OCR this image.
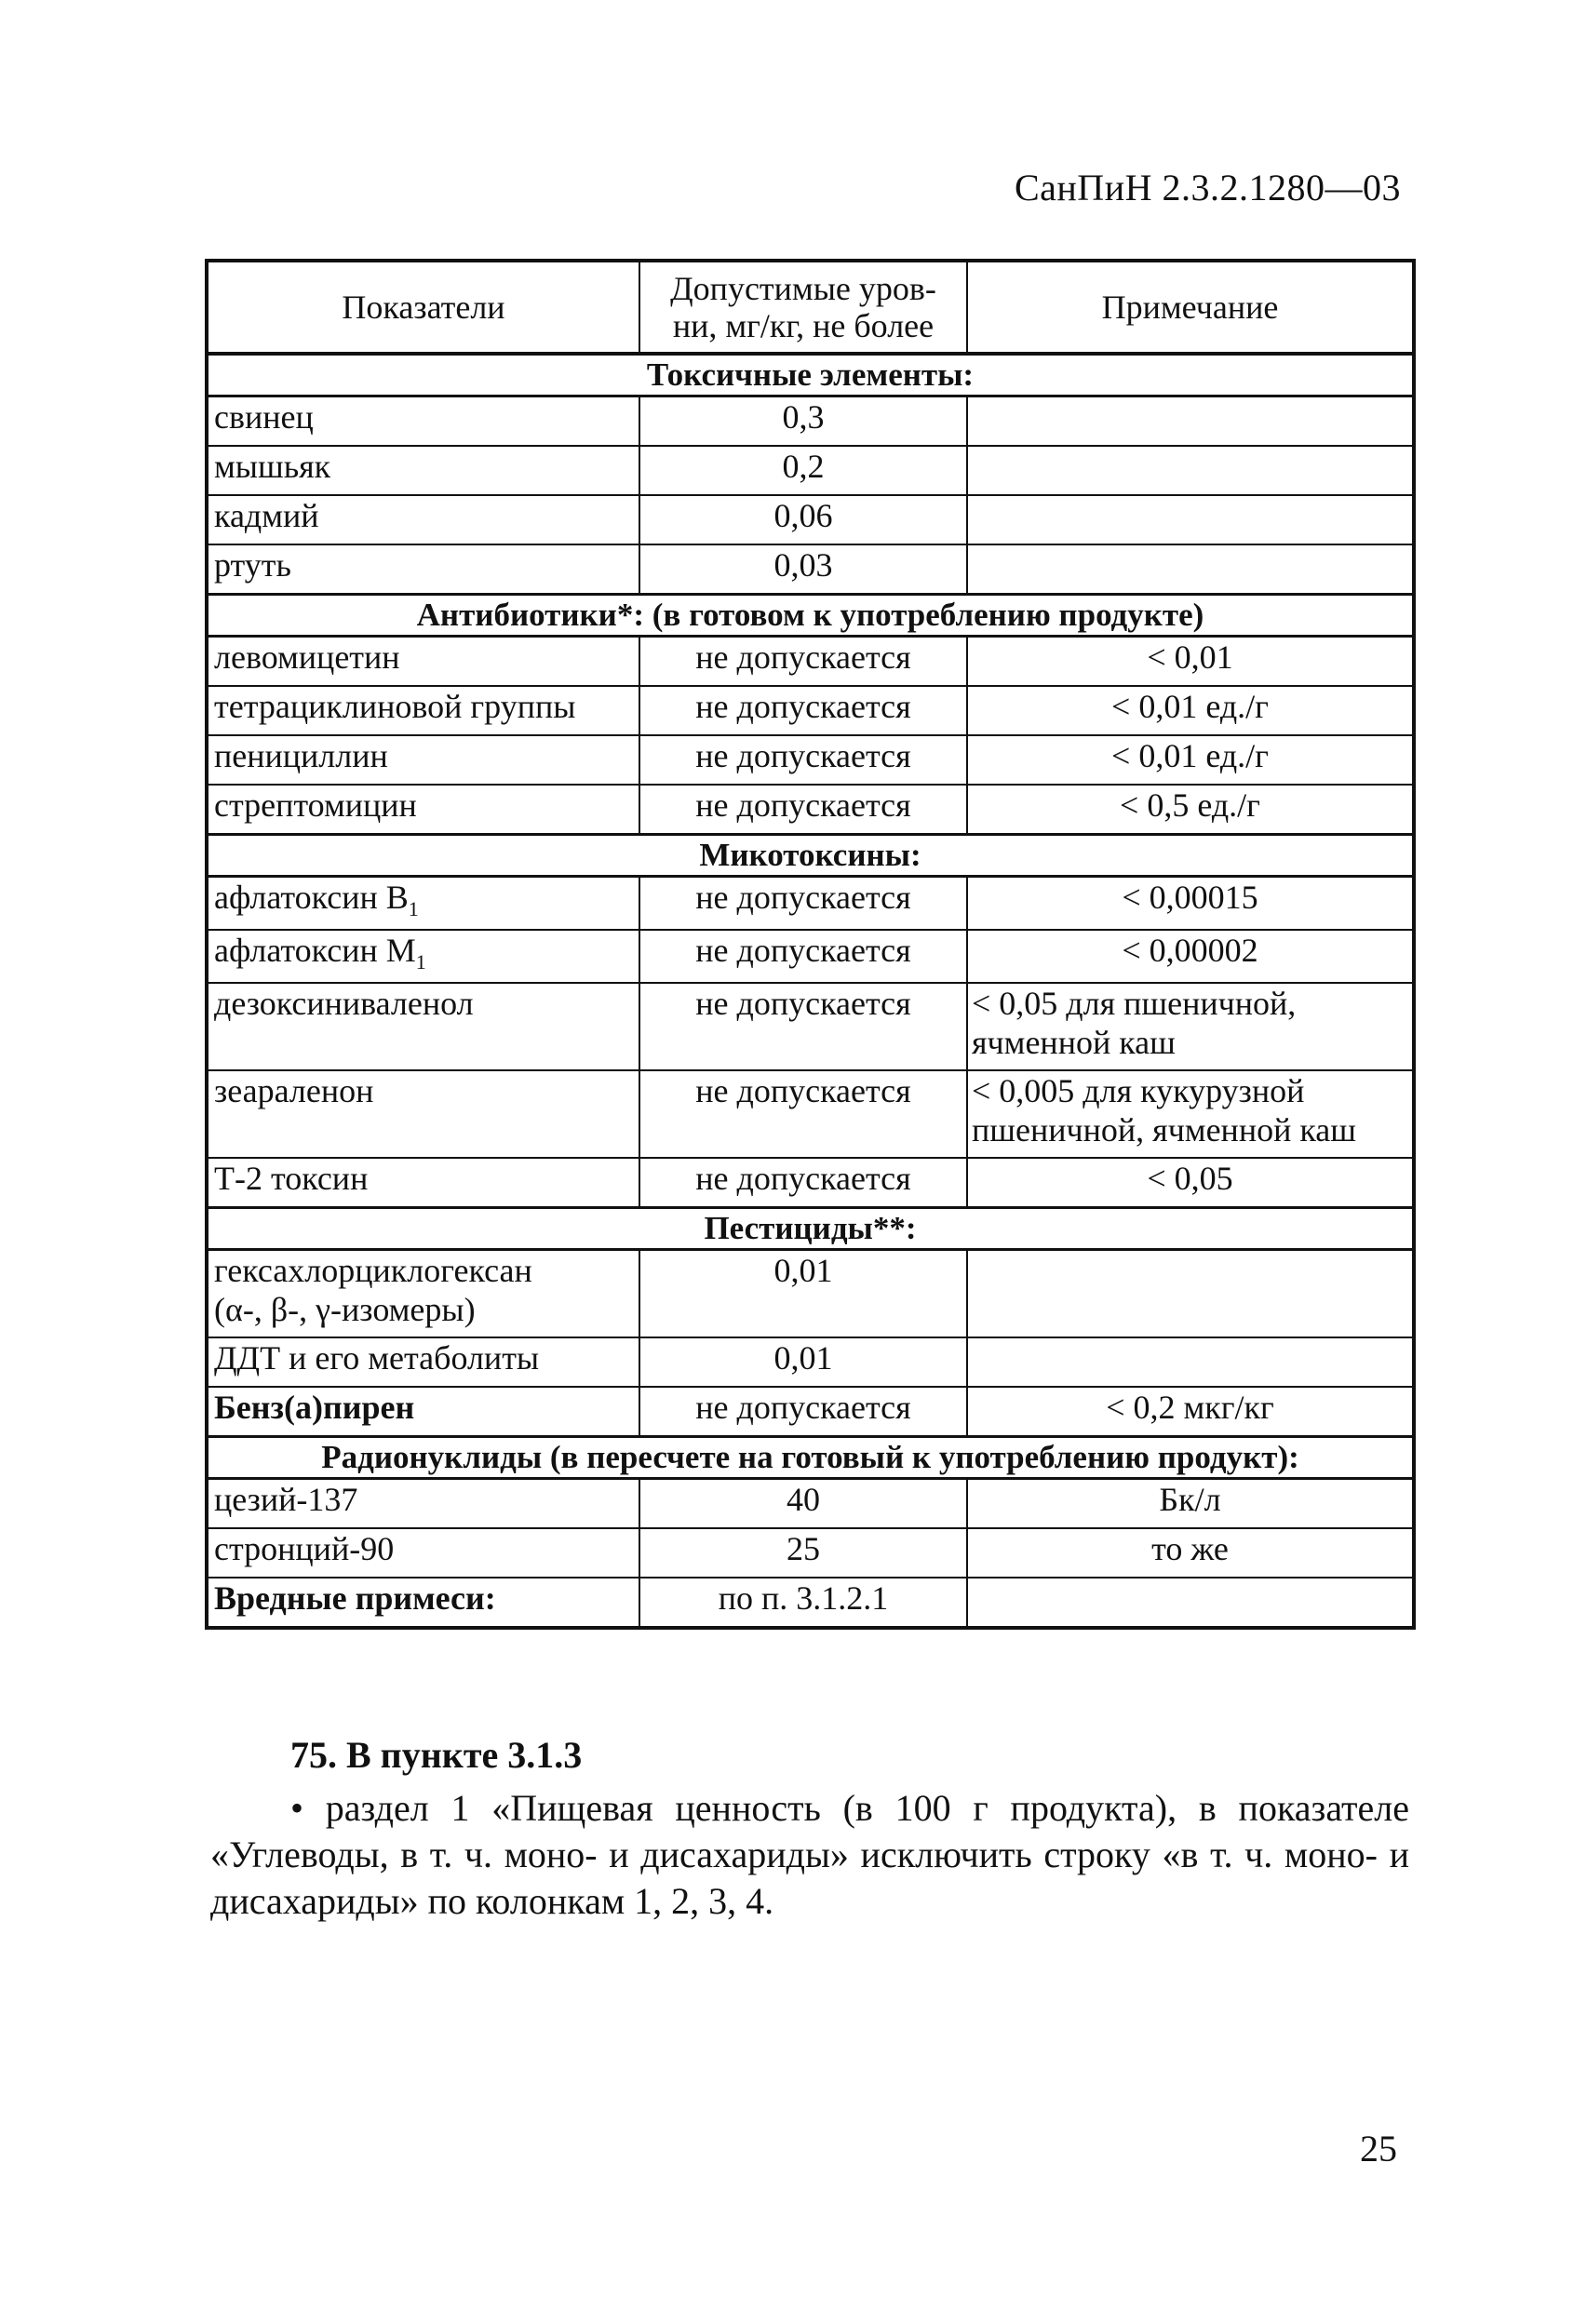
СанПиН 2.3.2.1280—03
Показатели	Допустимые уров-
ни, мг/кг, не более	Примечание
Токсичные элементы:		
свинец	0,3	
мышьяк	0,2	
кадмий	0,06	
ртуть	0,03	
Антибиотики*: (в готовом к употреблению продукте)		
левомицетин	не допускается	< 0,01
тетрациклиновой группы	не допускается	< 0,01 ед./г
пенициллин	не допускается	< 0,01 ед./г
стрептомицин	не допускается	< 0,5 ед./г
Микотоксины:		
афлатоксин $B_1$	не допускается	< 0,00015
афлатоксин $M_1$	не допускается	< 0,00002
дезоксиниваленол	не допускается	< 0,05 для пшеничной,
ячменной каш
зеараленон	не допускается	< 0,005 для кукурузной
пшеничной, ячменной каш
Т-2 токсин	не допускается	< 0,05
Пестициды**:		
гексахлорциклогексан
(α-, β-, γ-изомеры)	0,01	
ДДТ и его метаболиты	0,01	
Бенз(а)пирен	не допускается	< 0,2 мкг/кг
Радионуклиды (в пересчете на готовый к употреблению продукт):		
цезий-137	40	Бк/л
стронций-90	25	то же
Вредные примеси:	по п. 3.1.2.1	
75. В пункте 3.1.3
• раздел 1 «Пищевая ценность (в 100 г продукта), в показателе «Углеводы, в т. ч. моно- и дисахариды» исключить строку «в т. ч. моно- и дисахариды» по колонкам 1, 2, 3, 4.
25
